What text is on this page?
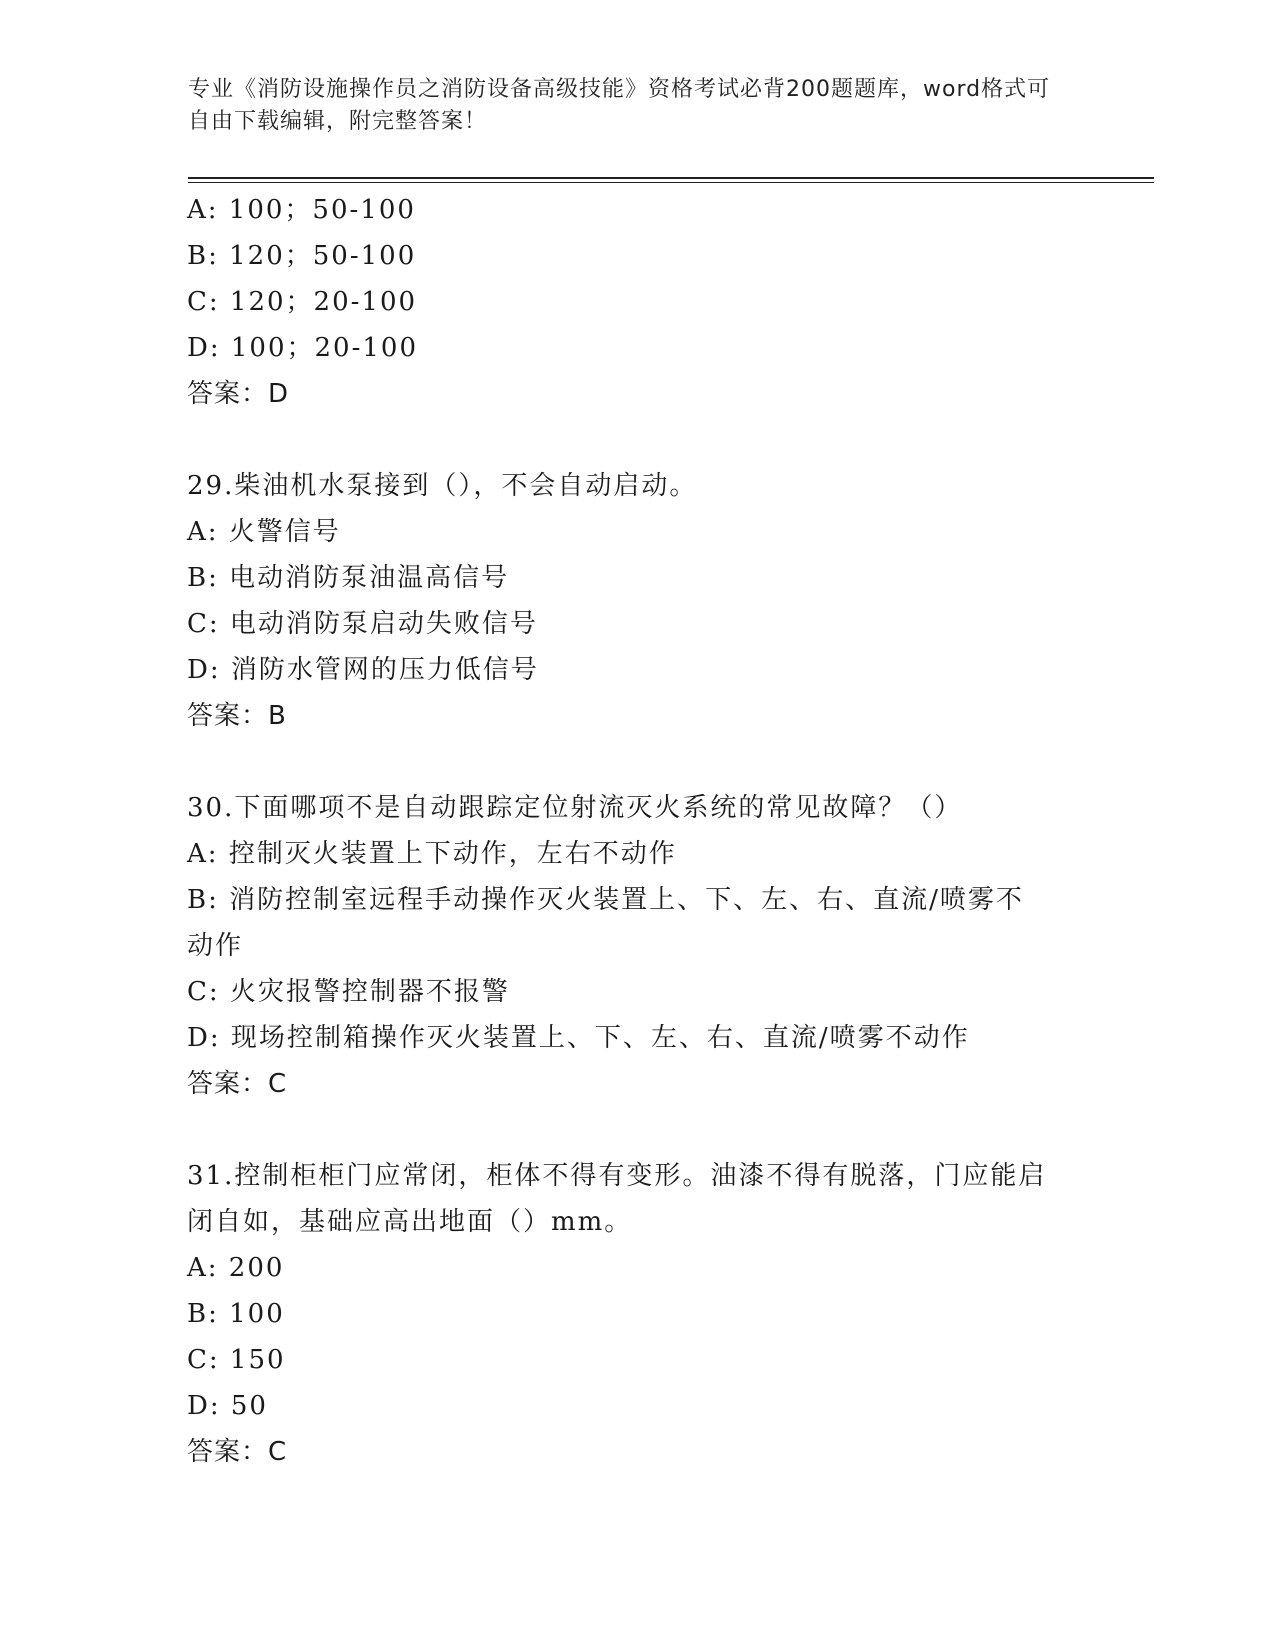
专业《消防设施操作员之消防设备高级技能》资格考试必背200题题库，word格式可自由下载编辑，附完整答案！
A: 100；50-100
B: 120；50-100
C: 120；20-100
D: 100；20-100
答案：D
29.柴油机水泵接到（），不会自动启动。
A: 火警信号
B: 电动消防泵油温高信号
C: 电动消防泵启动失败信号
D: 消防水管网的压力低信号
答案：B
30.下面哪项不是自动跟踪定位射流灭火系统的常见故障？（）
A: 控制灭火装置上下动作，左右不动作
B: 消防控制室远程手动操作灭火装置上、下、左、右、直流/喷雾不动作
C: 火灾报警控制器不报警
D: 现场控制箱操作灭火装置上、下、左、右、直流/喷雾不动作
答案：C
31.控制柜柜门应常闭，柜体不得有变形。油漆不得有脱落，门应能启闭自如，基础应高出地面（）mm。
A: 200
B: 100
C: 150
D: 50
答案：C
